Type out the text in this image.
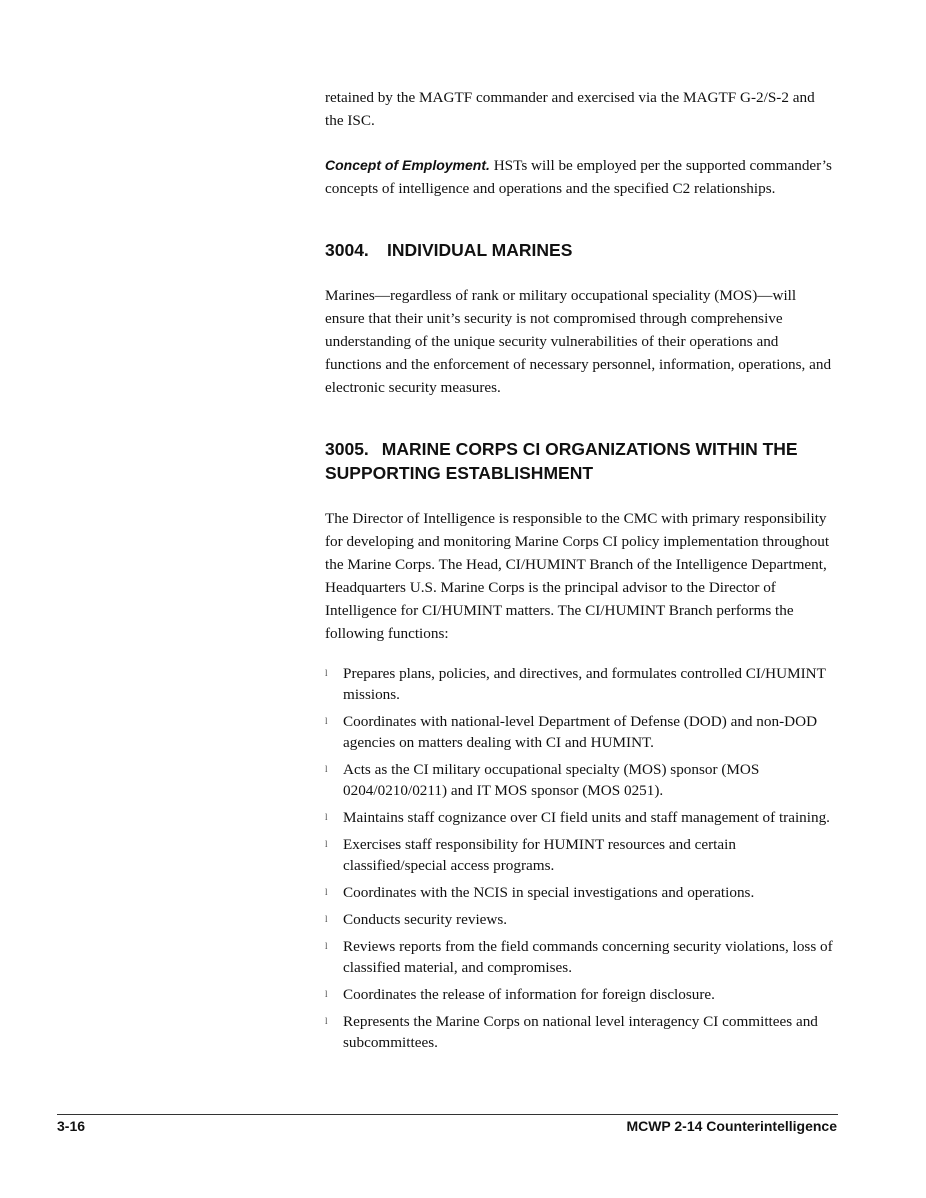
retained by the MAGTF commander and exercised via the MAGTF G-2/S-2 and the ISC.

Concept of Employment. HSTs will be employed per the supported commander’s concepts of intelligence and operations and the specified C2 relationships.

3004. INDIVIDUAL MARINES

Marines—regardless of rank or military occupational speciality (MOS)—will ensure that their unit’s security is not compromised through comprehensive understanding of the unique security vulnerabilities of their operations and functions and the enforcement of necessary personnel, information, operations, and electronic security measures.

3005. MARINE CORPS CI ORGANIZATIONS WITHIN THE SUPPORTING ESTABLISHMENT

The Director of Intelligence is responsible to the CMC with primary responsibility for developing and monitoring Marine Corps CI policy implementation throughout the Marine Corps. The Head, CI/HUMINT Branch of the Intelligence Department, Headquarters U.S. Marine Corps is the principal advisor to the Director of Intelligence for CI/HUMINT matters. The CI/HUMINT Branch performs the following functions:

l Prepares plans, policies, and directives, and formulates controlled CI/HUMINT missions.
l Coordinates with national-level Department of Defense (DOD) and non-DOD agencies on matters dealing with CI and HUMINT.
l Acts as the CI military occupational specialty (MOS) sponsor (MOS 0204/0210/0211) and IT MOS sponsor (MOS 0251).
l Maintains staff cognizance over CI field units and staff management of training.
l Exercises staff responsibility for HUMINT resources and certain classified/special access programs.
l Coordinates with the NCIS in special investigations and operations.
l Conducts security reviews.
l Reviews reports from the field commands concerning security violations, loss of classified material, and compromises.
l Coordinates the release of information for foreign disclosure.
l Represents the Marine Corps on national level interagency CI committees and subcommittees.
3-16	MCWP 2-14 Counterintelligence
